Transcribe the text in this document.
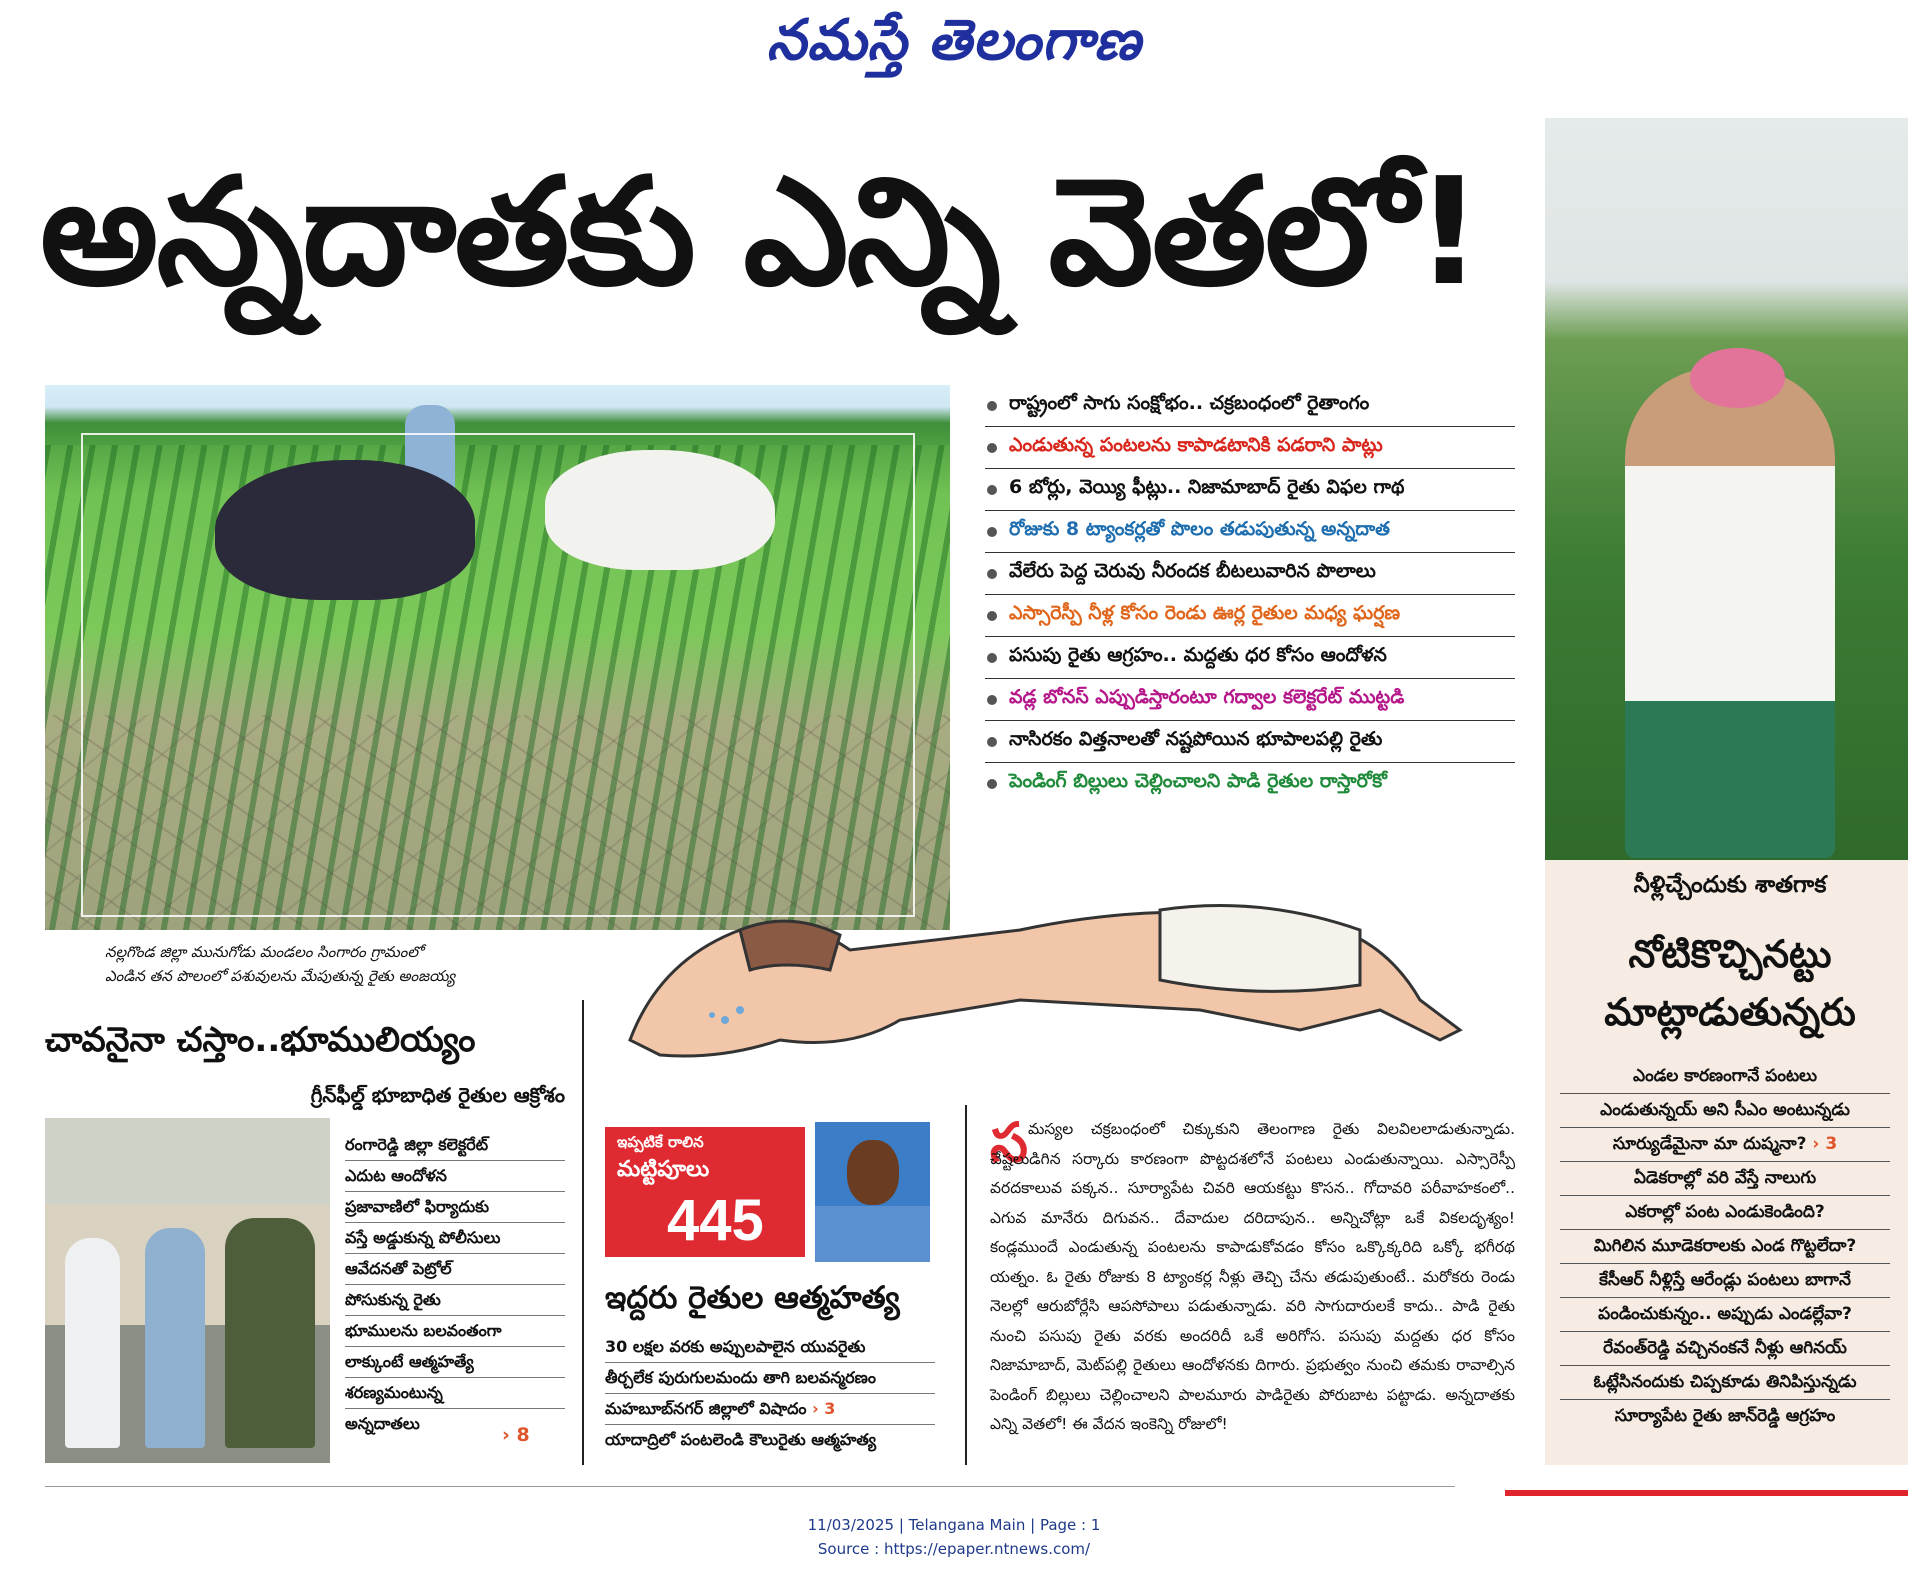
నమస్తే తెలంగాణ
అన్నదాతకు ఎన్ని వెతలో!
నల్లగొండ జిల్లా మునుగోడు మండలం సింగారం గ్రామంలో
ఎండిన తన పొలంలో పశువులను మేపుతున్న రైతు అంజయ్య
రాష్ట్రంలో సాగు సంక్షోభం.. చక్రబంధంలో రైతాంగం
ఎండుతున్న పంటలను కాపాడటానికి పడరాని పాట్లు
6 బోర్లు, వెయ్యి ఫీట్లు.. నిజామాబాద్ రైతు విఫల గాథ
రోజుకు 8 ట్యాంకర్లతో పొలం తడుపుతున్న అన్నదాత
వేలేరు పెద్ద చెరువు నీరందక బీటలువారిన పొలాలు
ఎస్సారెస్పీ నీళ్ల కోసం రెండు ఊర్ల రైతుల మధ్య ఘర్షణ
పసుపు రైతు ఆగ్రహం.. మద్దతు ధర కోసం ఆందోళన
వడ్ల బోనస్ ఎప్పుడిస్తారంటూ గద్వాల కలెక్టరేట్ ముట్టడి
నాసిరకం విత్తనాలతో నష్టపోయిన భూపాలపల్లి రైతు
పెండింగ్ బిల్లులు చెల్లించాలని పాడి రైతుల రాస్తారోకో
నీళ్లిచ్చేందుకు శాతగాక
నోటికొచ్చినట్టు
మాట్లాడుతున్నరు
ఎండల కారణంగానే పంటలు
ఎండుతున్నయ్ అని సీఎం అంటున్నడు
సూర్యుడేమైనా మా దుష్మనా? › 3
ఏడెకరాల్లో వరి వేస్తే నాలుగు
ఎకరాల్లో పంట ఎండుకెండింది?
మిగిలిన మూడెకరాలకు ఎండ గొట్టలేదా?
కేసీఆర్ నీళ్లిస్తే ఆరేండ్లు పంటలు బాగానే
పండించుకున్నం.. అప్పుడు ఎండల్లేవా?
రేవంత్‌రెడ్డి వచ్చినంకనే నీళ్లు ఆగినయ్
ఓట్లేసినందుకు చిప్పకూడు తినిపిస్తున్నడు
సూర్యాపేట రైతు జాన్‌రెడ్డి ఆగ్రహం
చావనైనా చస్తాం..భూములియ్యం
గ్రీన్‌ఫీల్డ్ భూబాధిత రైతుల ఆక్రోశం
రంగారెడ్డి జిల్లా కలెక్టరేట్
ఎదుట ఆందోళన
ప్రజావాణిలో ఫిర్యాదుకు
వస్తే అడ్డుకున్న పోలీసులు
ఆవేదనతో పెట్రోల్
పోసుకున్న రైతు
భూములను బలవంతంగా
లాక్కుంటే ఆత్మహత్యే
శరణ్యమంటున్న
అన్నదాతలు
› 8
ఇప్పటికే రాలిన
మట్టిపూలు
445
ఇద్దరు రైతుల ఆత్మహత్య
30 లక్షల వరకు అప్పులపాలైన యువరైతు
తీర్చలేక పురుగులమందు తాగి బలవన్మరణం
మహబూబ్‌నగర్ జిల్లాలో విషాదం › 3
యాదాద్రిలో పంటలెండి కౌలురైతు ఆత్మహత్య
స మస్యల చక్రబంధంలో చిక్కుకుని తెలంగాణ రైతు విలవిలలాడుతున్నాడు. చేష్టలుడిగిన సర్కారు కారణంగా పొట్టదశలోనే పంటలు ఎండుతున్నాయి. ఎస్సారెస్పీ వరదకాలువ పక్కన.. సూర్యాపేట చివరి ఆయకట్టు కొసన.. గోదావరి పరీవాహకంలో.. ఎగువ మానేరు దిగువన.. దేవాదుల దరిదాపున.. అన్నిచోట్లా ఒకే వికలదృశ్యం! కండ్లముందే ఎండుతున్న పంటలను కాపాడుకోవడం కోసం ఒక్కొక్కరిది ఒక్కో భగీరథ యత్నం. ఓ రైతు రోజుకు 8 ట్యాంకర్ల నీళ్లు తెచ్చి చేను తడుపుతుంటే.. మరోకరు రెండు నెలల్లో ఆరుబోర్లేసి ఆపసోపాలు పడుతున్నాడు. వరి సాగుదారులకే కాదు.. పాడి రైతు నుంచి పసుపు రైతు వరకు అందరిదీ ఒకే అరిగోస. పసుపు మద్దతు ధర కోసం నిజామాబాద్, మెట్‌పల్లి రైతులు ఆందోళనకు దిగారు. ప్రభుత్వం నుంచి తమకు రావాల్సిన పెండింగ్ బిల్లులు చెల్లించాలని పాలమూరు పాడిరైతు పోరుబాట పట్టాడు. అన్నదాతకు ఎన్ని వెతలో! ఈ వేదన ఇంకెన్ని రోజులో!
11/03/2025 | Telangana Main | Page : 1
Source : https://epaper.ntnews.com/
